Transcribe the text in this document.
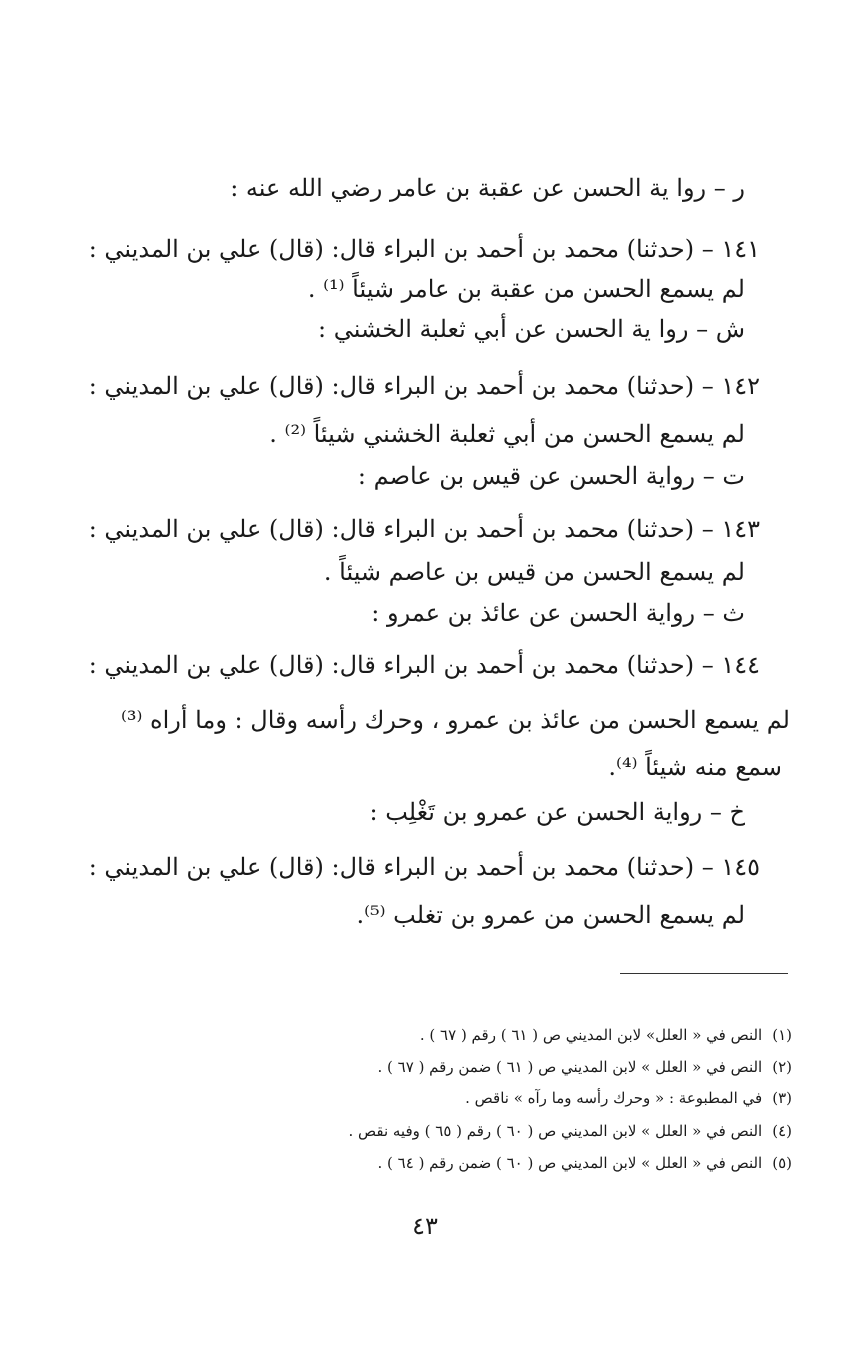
ر – روا ية الحسن عن عقبة بن عامر رضي الله عنه :
١٤١ – (حدثنا) محمد بن أحمد بن البراء قال: (قال) علي بن المديني :
لم يسمع الحسن من عقبة بن عامر شيئاً ⁽¹⁾ .
ش – روا ية الحسن عن أبي ثعلبة الخشني :
١٤٢ – (حدثنا) محمد بن أحمد بن البراء قال: (قال) علي بن المديني :
لم يسمع الحسن من أبي ثعلبة الخشني شيئاً ⁽²⁾ .
ت – رواية الحسن عن قيس بن عاصم :
١٤٣ – (حدثنا) محمد بن أحمد بن البراء قال: (قال) علي بن المديني :
لم يسمع الحسن من قيس بن عاصم شيئاً .
ث – رواية الحسن عن عائذ بن عمرو :
١٤٤ – (حدثنا) محمد بن أحمد بن البراء قال: (قال) علي بن المديني :
لم يسمع الحسن من عائذ بن عمرو ، وحرك رأسه وقال : وما أراه ⁽³⁾
سمع منه شيئاً ⁽⁴⁾.
خ – رواية الحسن عن عمرو بن تَغْلِب :
١٤٥ – (حدثنا) محمد بن أحمد بن البراء قال: (قال) علي بن المديني :
لم يسمع الحسن من عمرو بن تغلب ⁽⁵⁾.
(١)النص في « العلل» لابن المديني ص ( ٦١ ) رقم ( ٦٧ ) .
(٢)النص في « العلل » لابن المديني ص ( ٦١ ) ضمن رقم ( ٦٧ ) .
(٣)في المطبوعة : « وحرك رأسه وما رآه » ناقص .
(٤)النص في « العلل » لابن المديني ص ( ٦٠ ) رقم ( ٦٥ ) وفيه نقص .
(٥)النص في « العلل » لابن المديني ص ( ٦٠ ) ضمن رقم ( ٦٤ ) .
٤٣
